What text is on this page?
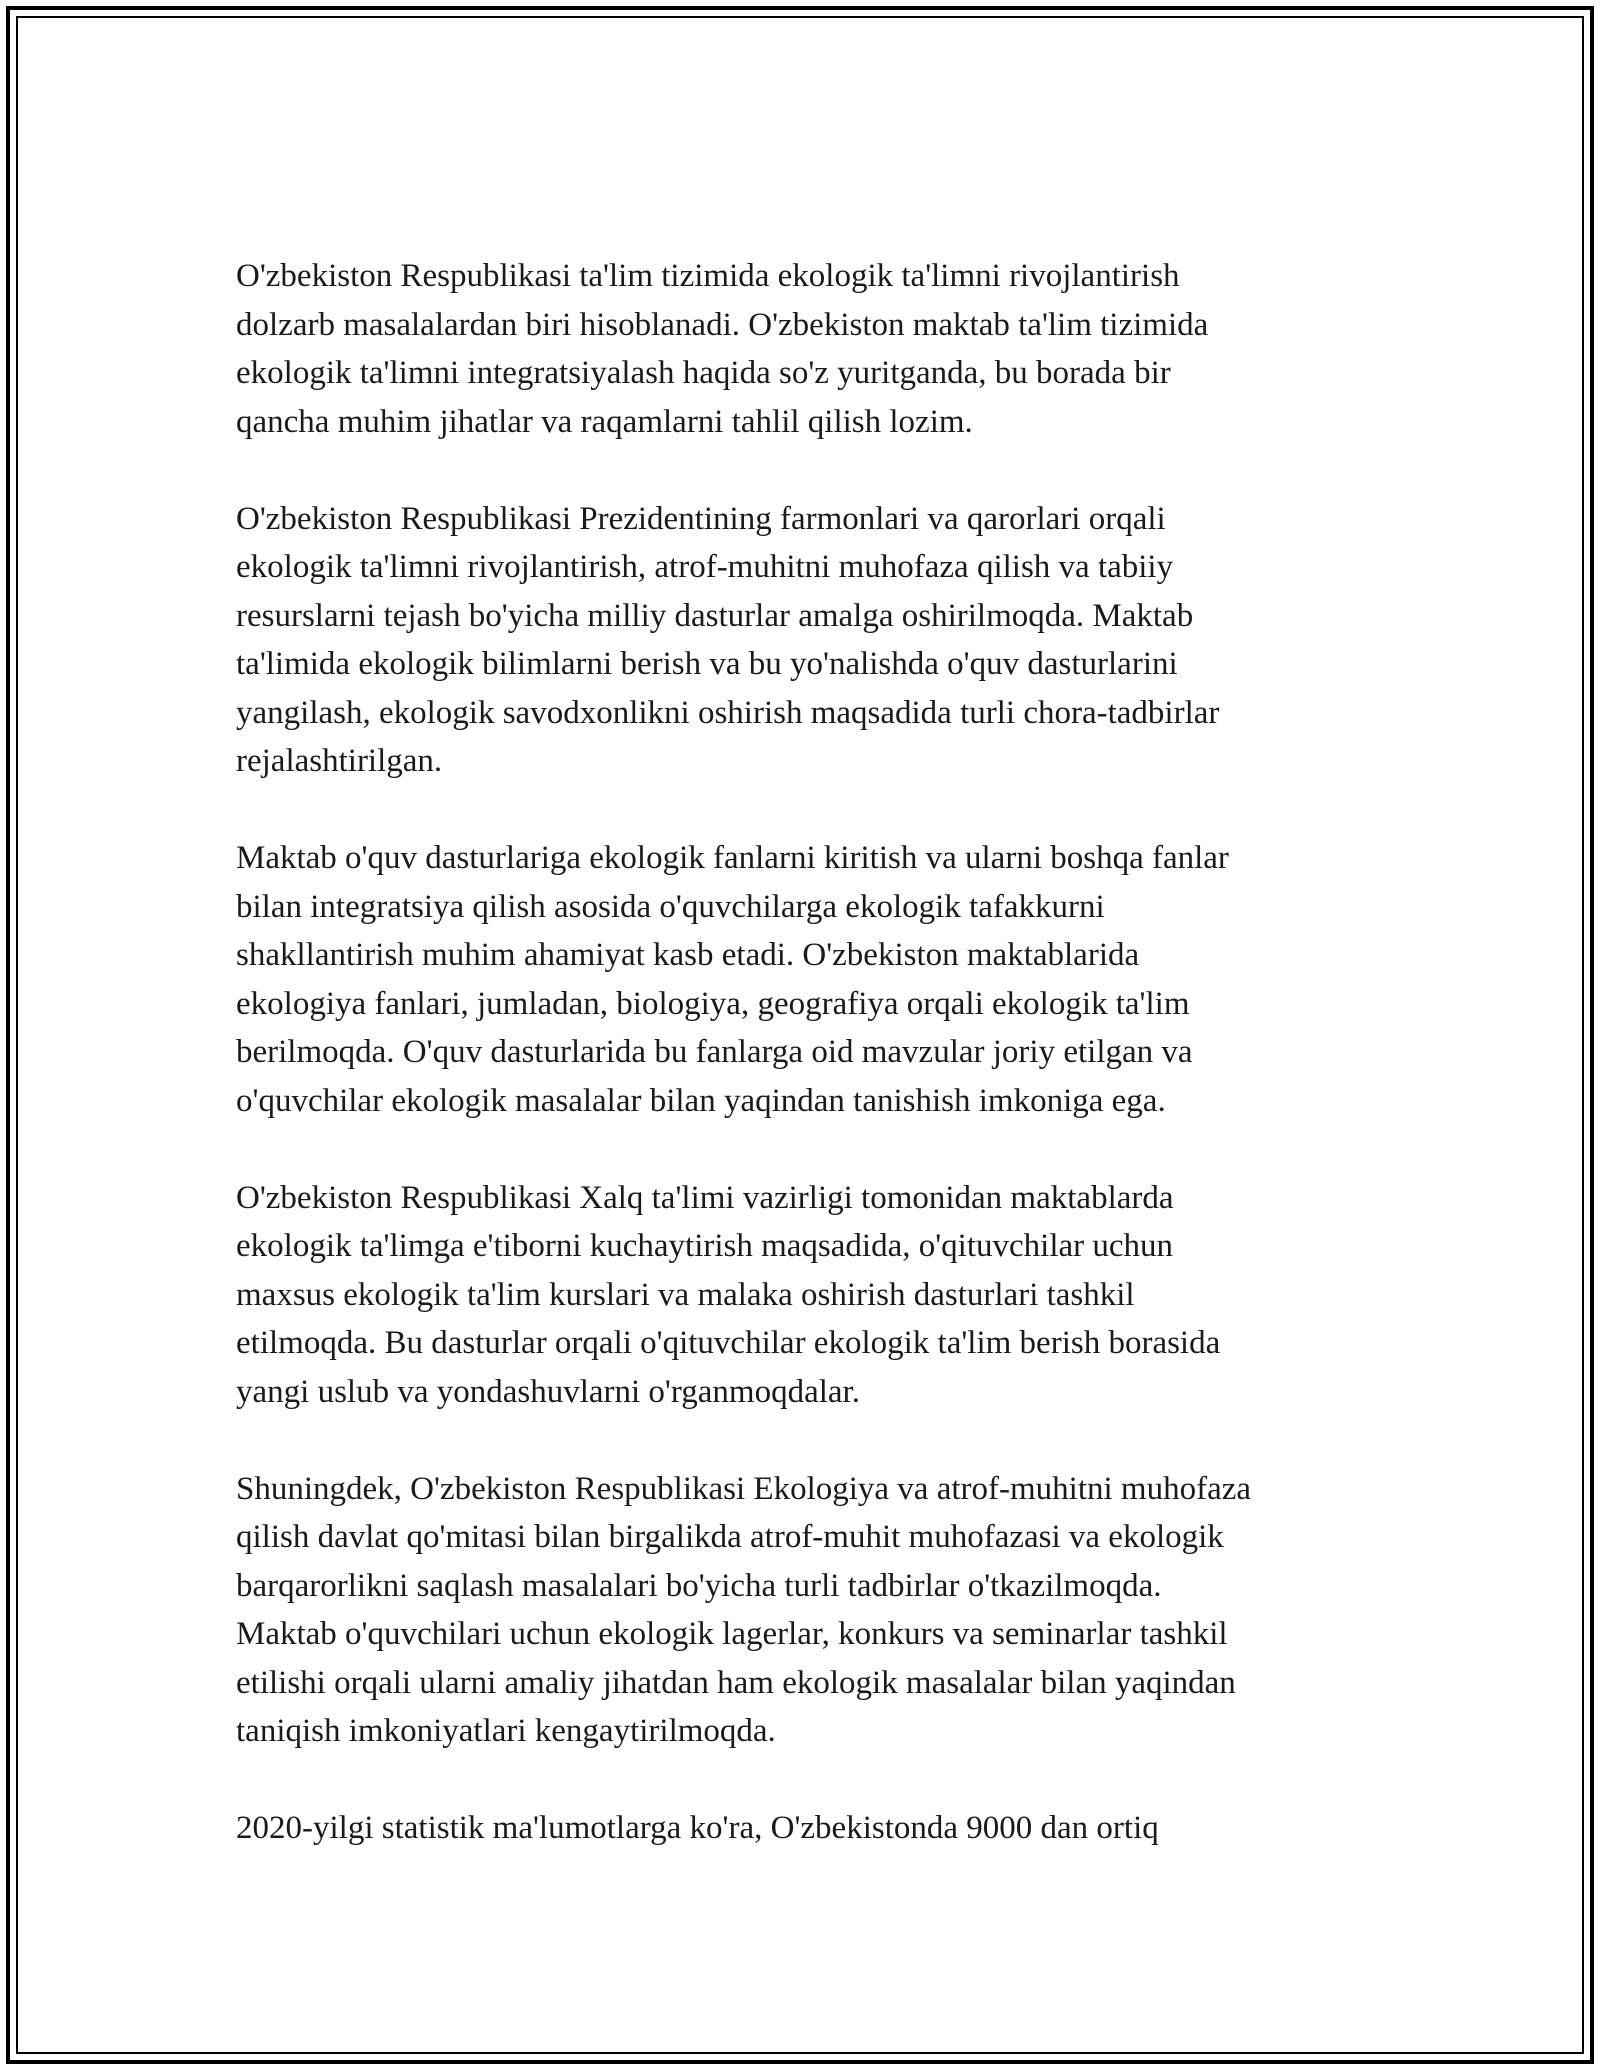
O'zbekiston Respublikasi ta'lim tizimida ekologik ta'limni rivojlantirish
dolzarb masalalardan biri hisoblanadi. O'zbekiston maktab ta'lim tizimida
ekologik ta'limni integratsiyalash haqida so'z yuritganda, bu borada bir
qancha muhim jihatlar va raqamlarni tahlil qilish lozim.

O'zbekiston Respublikasi Prezidentining farmonlari va qarorlari orqali
ekologik ta'limni rivojlantirish, atrof-muhitni muhofaza qilish va tabiiy
resurslarni tejash bo'yicha milliy dasturlar amalga oshirilmoqda. Maktab
ta'limida ekologik bilimlarni berish va bu yo'nalishda o'quv dasturlarini
yangilash, ekologik savodxonlikni oshirish maqsadida turli chora-tadbirlar
rejalashtirilgan.

Maktab o'quv dasturlariga ekologik fanlarni kiritish va ularni boshqa fanlar
bilan integratsiya qilish asosida o'quvchilarga ekologik tafakkurni
shakllantirish muhim ahamiyat kasb etadi. O'zbekiston maktablarida
ekologiya fanlari, jumladan, biologiya, geografiya orqali ekologik ta'lim
berilmoqda. O'quv dasturlarida bu fanlarga oid mavzular joriy etilgan va
o'quvchilar ekologik masalalar bilan yaqindan tanishish imkoniga ega.

O'zbekiston Respublikasi Xalq ta'limi vazirligi tomonidan maktablarda
ekologik ta'limga e'tiborni kuchaytirish maqsadida, o'qituvchilar uchun
maxsus ekologik ta'lim kurslari va malaka oshirish dasturlari tashkil
etilmoqda. Bu dasturlar orqali o'qituvchilar ekologik ta'lim berish borasida
yangi uslub va yondashuvlarni o'rganmoqdalar.

Shuningdek, O'zbekiston Respublikasi Ekologiya va atrof-muhitni muhofaza
qilish davlat qo'mitasi bilan birgalikda atrof-muhit muhofazasi va ekologik
barqarorlikni saqlash masalalari bo'yicha turli tadbirlar o'tkazilmoqda.
Maktab o'quvchilari uchun ekologik lagerlar, konkurs va seminarlar tashkil
etilishi orqali ularni amaliy jihatdan ham ekologik masalalar bilan yaqindan
taniqish imkoniyatlari kengaytirilmoqda.

2020-yilgi statistik ma'lumotlarga ko'ra, O'zbekistonda 9000 dan ortiq
